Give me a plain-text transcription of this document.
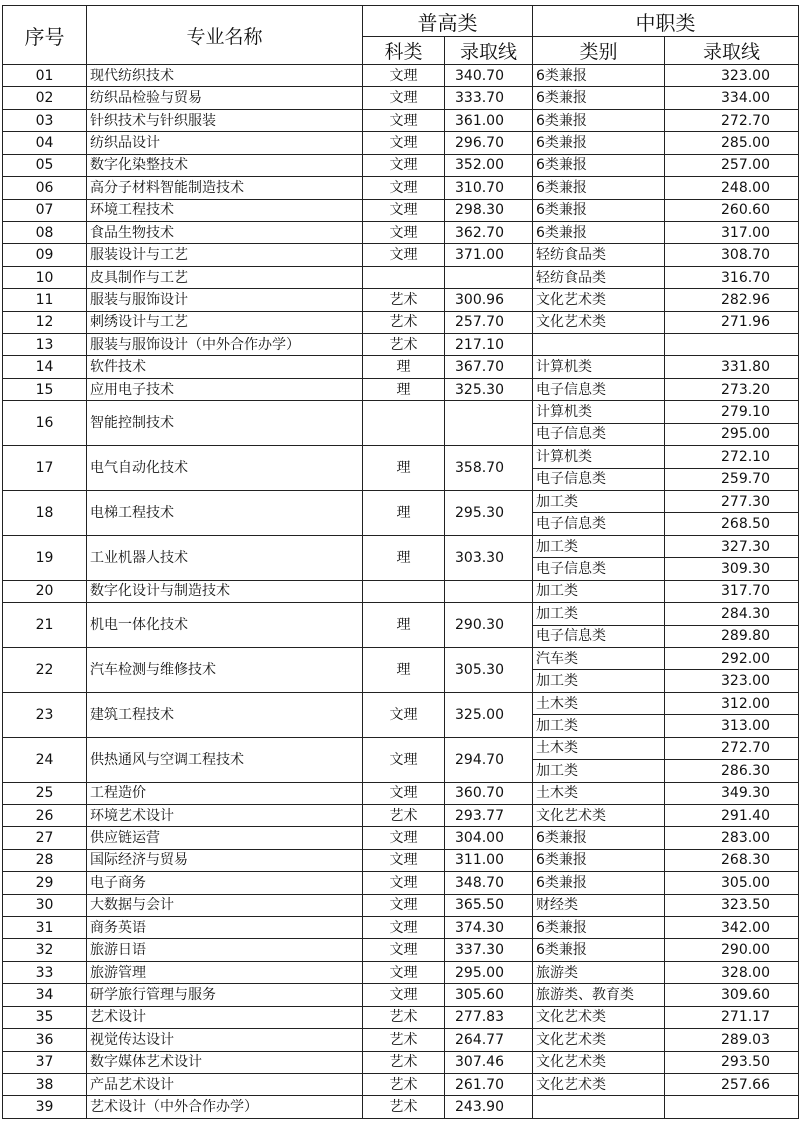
序号	专业名称	普高类		中职类	
		科类	录取线	类别	录取线
01	现代纺织技术	文理	340.70	6类兼报	323.00
02	纺织品检验与贸易	文理	333.70	6类兼报	334.00
03	针织技术与针织服装	文理	361.00	6类兼报	272.70
04	纺织品设计	文理	296.70	6类兼报	285.00
05	数字化染整技术	文理	352.00	6类兼报	257.00
06	高分子材料智能制造技术	文理	310.70	6类兼报	248.00
07	环境工程技术	文理	298.30	6类兼报	260.60
08	食品生物技术	文理	362.70	6类兼报	317.00
09	服装设计与工艺	文理	371.00	轻纺食品类	308.70
10	皮具制作与工艺			轻纺食品类	316.70
11	服装与服饰设计	艺术	300.96	文化艺术类	282.96
12	刺绣设计与工艺	艺术	257.70	文化艺术类	271.96
13	服装与服饰设计（中外合作办学）	艺术	217.10		
14	软件技术	理	367.70	计算机类	331.80
15	应用电子技术	理	325.30	电子信息类	273.20
16	智能控制技术			计算机类	279.10
				电子信息类	295.00
17	电气自动化技术	理	358.70	计算机类	272.10
				电子信息类	259.70
18	电梯工程技术	理	295.30	加工类	277.30
				电子信息类	268.50
19	工业机器人技术	理	303.30	加工类	327.30
				电子信息类	309.30
20	数字化设计与制造技术			加工类	317.70
21	机电一体化技术	理	290.30	加工类	284.30
				电子信息类	289.80
22	汽车检测与维修技术	理	305.30	汽车类	292.00
				加工类	323.00
23	建筑工程技术	文理	325.00	土木类	312.00
				加工类	313.00
24	供热通风与空调工程技术	文理	294.70	土木类	272.70
				加工类	286.30
25	工程造价	文理	360.70	土木类	349.30
26	环境艺术设计	艺术	293.77	文化艺术类	291.40
27	供应链运营	文理	304.00	6类兼报	283.00
28	国际经济与贸易	文理	311.00	6类兼报	268.30
29	电子商务	文理	348.70	6类兼报	305.00
30	大数据与会计	文理	365.50	财经类	323.50
31	商务英语	文理	374.30	6类兼报	342.00
32	旅游日语	文理	337.30	6类兼报	290.00
33	旅游管理	文理	295.00	旅游类	328.00
34	研学旅行管理与服务	文理	305.60	旅游类、教育类	309.60
35	艺术设计	艺术	277.83	文化艺术类	271.17
36	视觉传达设计	艺术	264.77	文化艺术类	289.03
37	数字媒体艺术设计	艺术	307.46	文化艺术类	293.50
38	产品艺术设计	艺术	261.70	文化艺术类	257.66
39	艺术设计（中外合作办学）	艺术	243.90		
